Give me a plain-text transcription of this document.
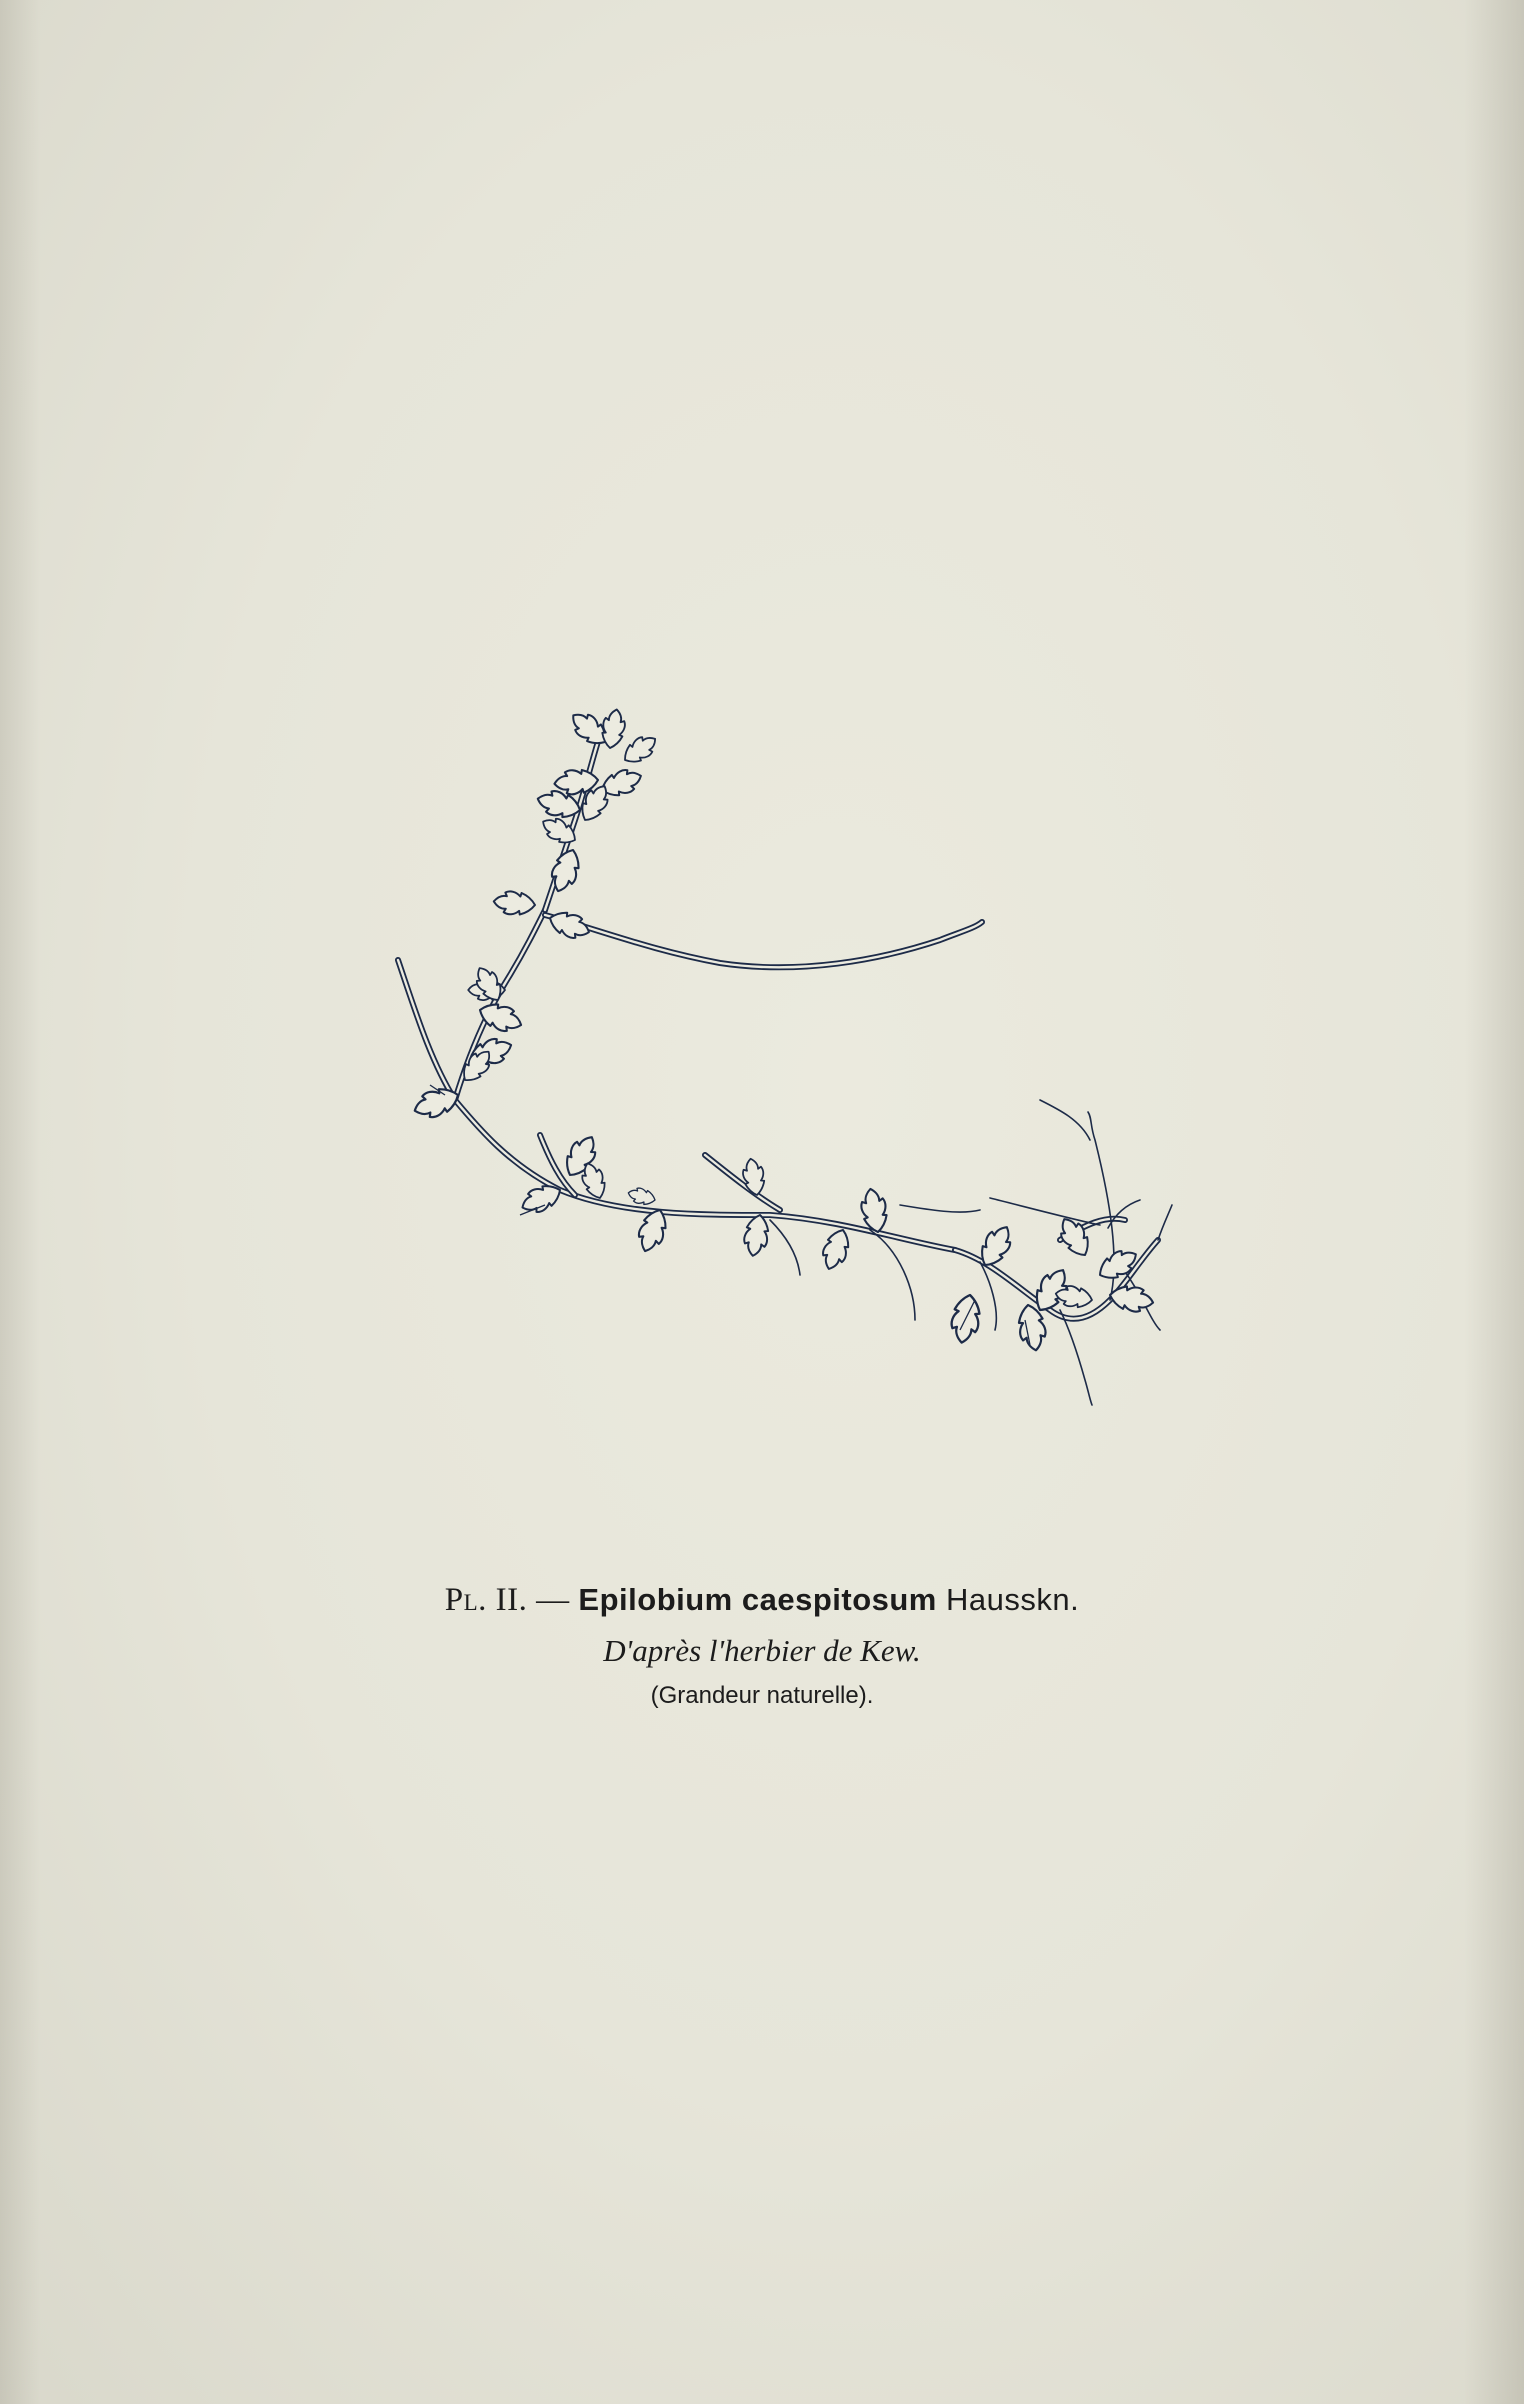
Pl. II. — Epilobium caespitosum Hausskn.
D'après l'herbier de Kew.
(Grandeur naturelle).
